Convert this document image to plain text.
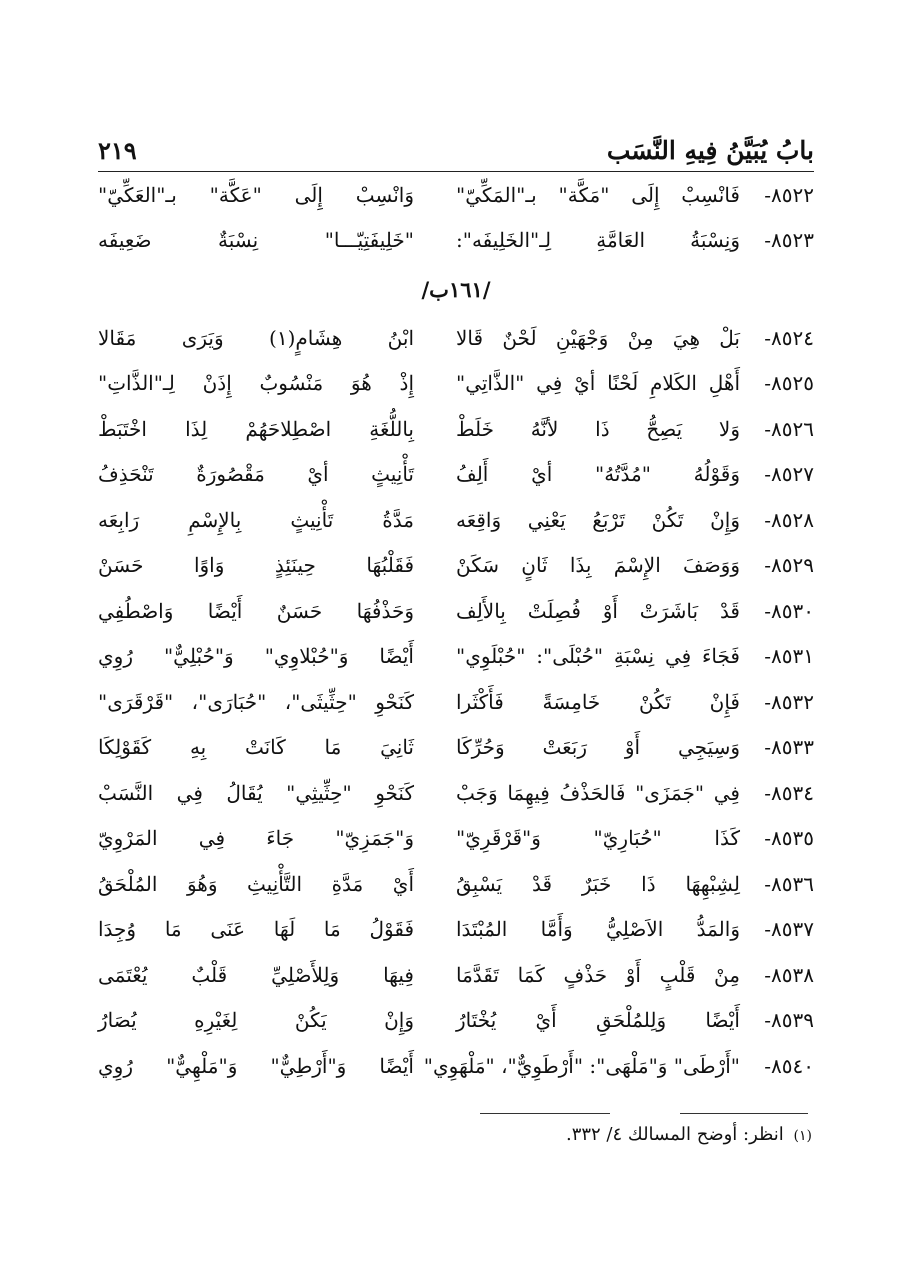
بابُ يُبَيَّنُ فِيهِ النَّسَب
٢١٩
٨٥٢٢-
فَانْسِبْ إِلَى "مَكَّة" بـ"المَكِّيّ"
وَانْسِبْ إِلَى "عَكَّة" بـ"العَكِّيّ"
٨٥٢٣-
وَنِسْبَةُ العَامَّةِ لِـ"الخَلِيفَه":
"خَلِيفَتِيّـــا" نِسْبَةٌ ضَعِيفَه
/١٦١ب/
٨٥٢٤-
بَلْ هِيَ مِنْ وَجْهَيْنِ لَحْنٌ قَالا
ابْنُ هِشَامٍ(١) وَيَرَى مَقَالا
٨٥٢٥-
أَهْلِ الكَلامِ لَحْنًا أيْ فِي "الذَّاتِي"
إِذْ هُوَ مَنْسُوبٌ إِذَنْ لِـ"الذَّاتِ"
٨٥٢٦-
وَلا يَصِحُّ ذَا لأنَّهُ خَلَطْ
بِاللُّغَةِ اصْطِلاحَهُمْ لِذَا اخْتَبَطْ
٨٥٢٧-
وَقَوْلُهُ "مُدَّتُهُ" أيْ أَلِفُ
تَأْنِيثٍ أيْ مَقْصُورَةٌ تَنْحَذِفُ
٨٥٢٨-
وَإِنْ تَكُنْ تَرْبَعُ يَعْنِي وَاقِعَه
مَدَّةُ تَأْنِيثٍ بِالإِسْمِ رَابِعَه
٨٥٢٩-
وَوَصَفَ الإِسْمَ بِذَا ثَانٍ سَكَنْ
فَقَلْبُهَا حِينَئِذٍ وَاوًا حَسَنْ
٨٥٣٠-
قَدْ بَاشَرَتْ أَوْ فُصِلَتْ بِالأَلِف
وَحَذْفُهَا حَسَنٌ أَيْضًا وَاصْطُفِي
٨٥٣١-
فَجَاءَ فِي نِسْبَةِ "حُبْلَى": "حُبْلَوِي"
أَيْضًا وَ"حُبْلاوِي" وَ"حُبْلِيٌّ" رُوِي
٨٥٣٢-
فَإِنْ تَكُنْ خَامِسَةً فَأَكْثَرا
كَنَحْوِ "حِثِّيثَى"، "حُبَارَى"، "قَرْقَرَى"
٨٥٣٣-
وَسِيَجِي أَوْ رَبَعَتْ وَحُرِّكَا
ثَانِيَ مَا كَانَتْ بِهِ كَقَوْلِكَا
٨٥٣٤-
فِي "جَمَزَى" فَالحَذْفُ فِيهِمَا وَجَبْ
كَنَحْوِ "حِثِّيثِي" يُقَالُ فِي النَّسَبْ
٨٥٣٥-
كَذَا "حُبَارِيّ" وَ"قَرْقَرِيّ"
وَ"جَمَزِيّ" جَاءَ فِي المَرْوِيّ
٨٥٣٦-
لِشِبْهِهَا ذَا خَبَرٌ قَدْ يَسْبِقُ
أَيْ مَدَّةِ التَّأْنِيثِ وَهُوَ المُلْحَقُ
٨٥٣٧-
وَالمَدُّ الاَصْلِيُّ وَأَمَّا المُبْتَدَا
فَقَوْلُ مَا لَهَا عَنَى مَا وُجِدَا
٨٥٣٨-
مِنْ قَلْبٍ أَوْ حَذْفٍ كَمَا تَقَدَّمَا
فِيهَا وَلِلأَصْلِيِّ قَلْبٌ يُعْتَمَى
٨٥٣٩-
أَيْضًا وَلِلمُلْحَقِ أَيْ يُخْتَارُ
وَإِنْ يَكُنْ لِغَيْرِهِ يُصَارُ
٨٥٤٠-
"أَرْطَى" وَ"مَلْهَى": "أَرْطَوِيٌّ"، "مَلْهَوِي"
أَيْضًا وَ"أَرْطِيٌّ" وَ"مَلْهِيٌّ" رُوِي
(١) انظر: أوضح المسالك ٤/ ٣٣٢.
